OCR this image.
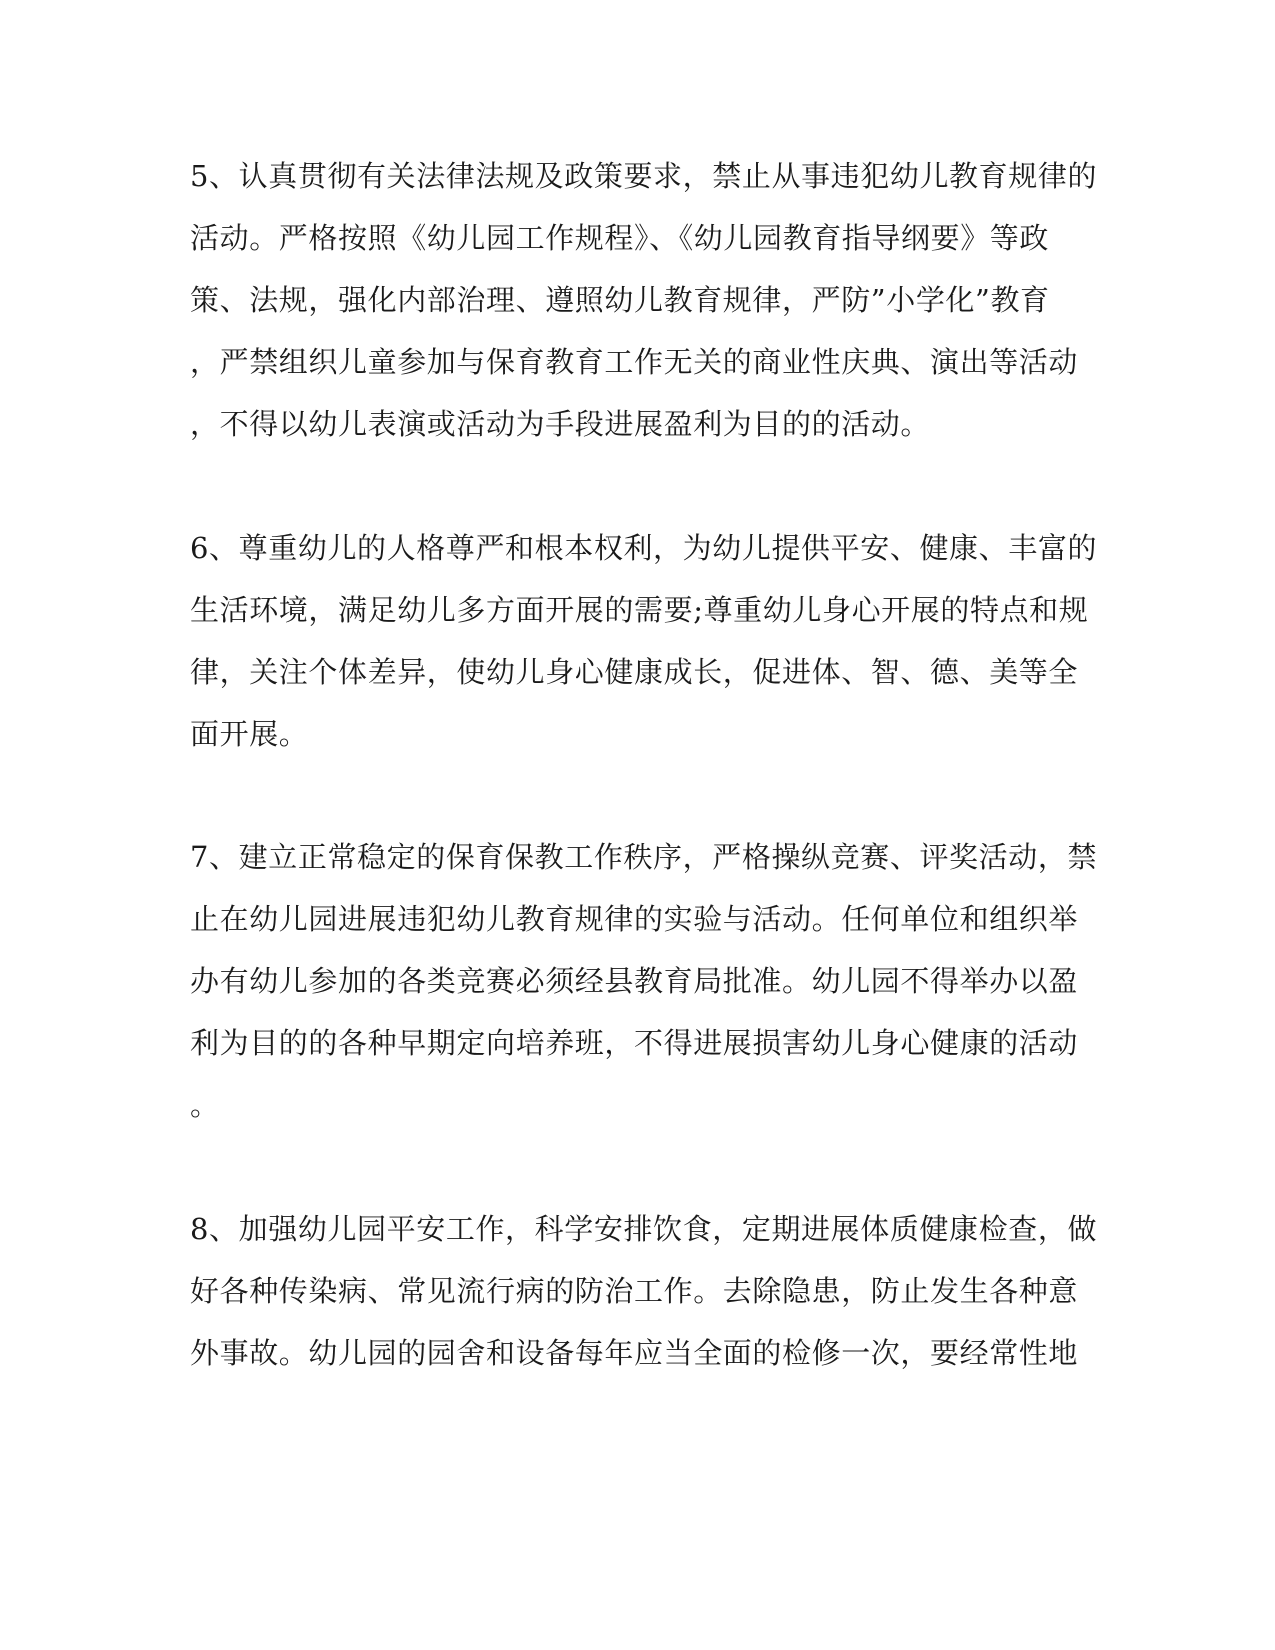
5、认真贯彻有关法律法规及政策要求，禁止从事违犯幼儿教育规律的
活动。严格按照《幼儿园工作规程》、《幼儿园教育指导纲要》等政
策、法规，强化内部治理、遵照幼儿教育规律，严防”小学化”教育
，严禁组织儿童参加与保育教育工作无关的商业性庆典、演出等活动
，不得以幼儿表演或活动为手段进展盈利为目的的活动。
6、尊重幼儿的人格尊严和根本权利，为幼儿提供平安、健康、丰富的
生活环境，满足幼儿多方面开展的需要;尊重幼儿身心开展的特点和规
律，关注个体差异，使幼儿身心健康成长，促进体、智、德、美等全
面开展。
7、建立正常稳定的保育保教工作秩序，严格操纵竞赛、评奖活动，禁
止在幼儿园进展违犯幼儿教育规律的实验与活动。任何单位和组织举
办有幼儿参加的各类竞赛必须经县教育局批准。幼儿园不得举办以盈
利为目的的各种早期定向培养班，不得进展损害幼儿身心健康的活动
。
8、加强幼儿园平安工作，科学安排饮食，定期进展体质健康检查，做
好各种传染病、常见流行病的防治工作。去除隐患，防止发生各种意
外事故。幼儿园的园舍和设备每年应当全面的检修一次，要经常性地
